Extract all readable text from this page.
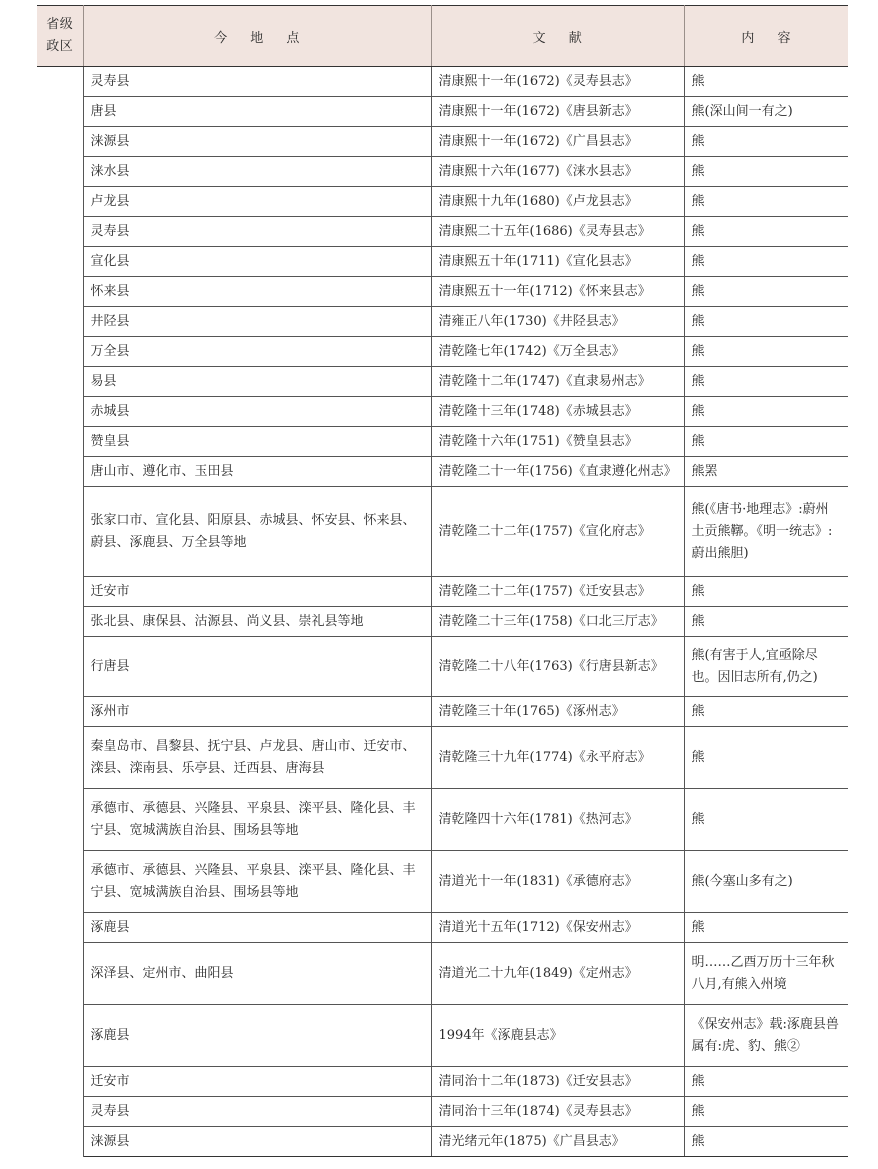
省级
政区	今 地 点	文 献	内 容
	灵寿县	清康熙十一年(1672)《灵寿县志》	熊
	唐县	清康熙十一年(1672)《唐县新志》	熊(深山间一有之)
	涞源县	清康熙十一年(1672)《广昌县志》	熊
	涞水县	清康熙十六年(1677)《涞水县志》	熊
	卢龙县	清康熙十九年(1680)《卢龙县志》	熊
	灵寿县	清康熙二十五年(1686)《灵寿县志》	熊
	宣化县	清康熙五十年(1711)《宣化县志》	熊
	怀来县	清康熙五十一年(1712)《怀来县志》	熊
	井陉县	清雍正八年(1730)《井陉县志》	熊
	万全县	清乾隆七年(1742)《万全县志》	熊
	易县	清乾隆十二年(1747)《直隶易州志》	熊
	赤城县	清乾隆十三年(1748)《赤城县志》	熊
	赞皇县	清乾隆十六年(1751)《赞皇县志》	熊
	唐山市、遵化市、玉田县	清乾隆二十一年(1756)《直隶遵化州志》	熊罴
	张家口市、宣化县、阳原县、赤城县、怀安县、怀来县、蔚县、涿鹿县、万全县等地	清乾隆二十二年(1757)《宣化府志》	熊(《唐书·地理志》:蔚州土贡熊鞹。《明一统志》:蔚出熊胆)
	迁安市	清乾隆二十二年(1757)《迁安县志》	熊
	张北县、康保县、沽源县、尚义县、崇礼县等地	清乾隆二十三年(1758)《口北三厅志》	熊
	行唐县	清乾隆二十八年(1763)《行唐县新志》	熊(有害于人,宜亟除尽也。因旧志所有,仍之)
	涿州市	清乾隆三十年(1765)《涿州志》	熊
	秦皇岛市、昌黎县、抚宁县、卢龙县、唐山市、迁安市、滦县、滦南县、乐亭县、迁西县、唐海县	清乾隆三十九年(1774)《永平府志》	熊
	承德市、承德县、兴隆县、平泉县、滦平县、隆化县、丰宁县、宽城满族自治县、围场县等地	清乾隆四十六年(1781)《热河志》	熊
	承德市、承德县、兴隆县、平泉县、滦平县、隆化县、丰宁县、宽城满族自治县、围场县等地	清道光十一年(1831)《承德府志》	熊(今塞山多有之)
	涿鹿县	清道光十五年(1712)《保安州志》	熊
	深泽县、定州市、曲阳县	清道光二十九年(1849)《定州志》	明……乙酉万历十三年秋八月,有熊入州境
	涿鹿县	1994年《涿鹿县志》	《保安州志》载:涿鹿县兽属有:虎、豹、熊②
	迁安市	清同治十二年(1873)《迁安县志》	熊
	灵寿县	清同治十三年(1874)《灵寿县志》	熊
	涞源县	清光绪元年(1875)《广昌县志》	熊
